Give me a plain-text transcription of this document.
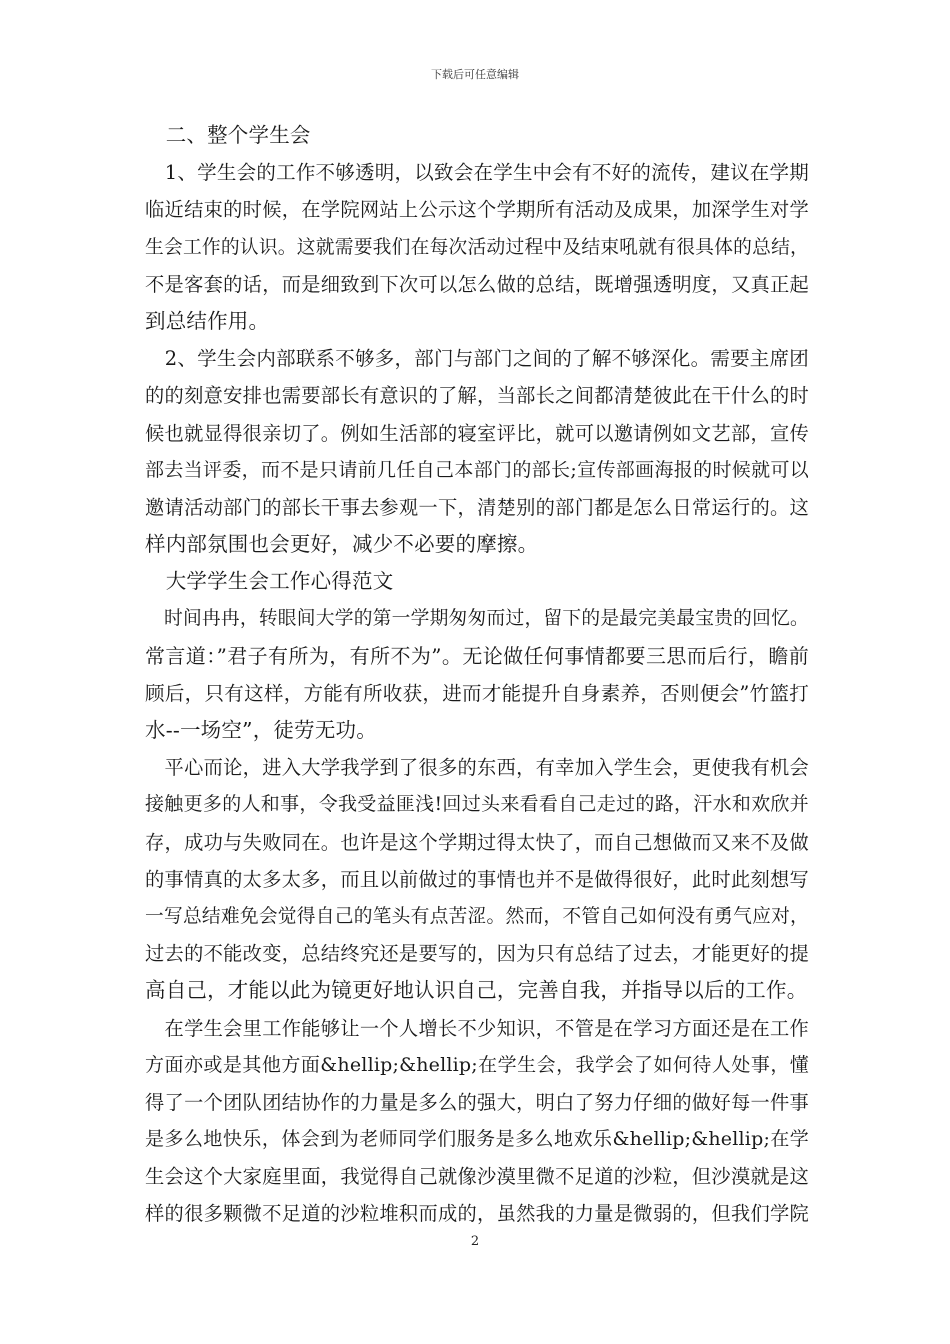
下载后可任意编辑
　二、整个学生会
　1、学生会的工作不够透明，以致会在学生中会有不好的流传，建议在学期
临近结束的时候，在学院网站上公示这个学期所有活动及成果，加深学生对学
生会工作的认识。这就需要我们在每次活动过程中及结束吼就有很具体的总结，
不是客套的话，而是细致到下次可以怎么做的总结，既增强透明度，又真正起
到总结作用。
　2、学生会内部联系不够多，部门与部门之间的了解不够深化。需要主席团
的的刻意安排也需要部长有意识的了解，当部长之间都清楚彼此在干什么的时
候也就显得很亲切了。例如生活部的寝室评比，就可以邀请例如文艺部，宣传
部去当评委，而不是只请前几任自己本部门的部长;宣传部画海报的时候就可以
邀请活动部门的部长干事去参观一下，清楚别的部门都是怎么日常运行的。这
样内部氛围也会更好，减少不必要的摩擦。
　大学学生会工作心得范文
　时间冉冉，转眼间大学的第一学期匆匆而过，留下的是最完美最宝贵的回忆。
常言道：”君子有所为，有所不为”。无论做任何事情都要三思而后行，瞻前
顾后，只有这样，方能有所收获，进而才能提升自身素养，否则便会”竹篮打
水--一场空”，徒劳无功。
　平心而论，进入大学我学到了很多的东西，有幸加入学生会，更使我有机会
接触更多的人和事，令我受益匪浅!回过头来看看自己走过的路，汗水和欢欣并
存，成功与失败同在。也许是这个学期过得太快了，而自己想做而又来不及做
的事情真的太多太多，而且以前做过的事情也并不是做得很好，此时此刻想写
一写总结难免会觉得自己的笔头有点苦涩。然而，不管自己如何没有勇气应对，
过去的不能改变，总结终究还是要写的，因为只有总结了过去，才能更好的提
高自己，才能以此为镜更好地认识自己，完善自我，并指导以后的工作。
　在学生会里工作能够让一个人增长不少知识，不管是在学习方面还是在工作
方面亦或是其他方面&hellip;&hellip;在学生会，我学会了如何待人处事，懂
得了一个团队团结协作的力量是多么的强大，明白了努力仔细的做好每一件事
是多么地快乐，体会到为老师同学们服务是多么地欢乐&hellip;&hellip;在学
生会这个大家庭里面，我觉得自己就像沙漠里微不足道的沙粒，但沙漠就是这
样的很多颗微不足道的沙粒堆积而成的，虽然我的力量是微弱的，但我们学院
2
